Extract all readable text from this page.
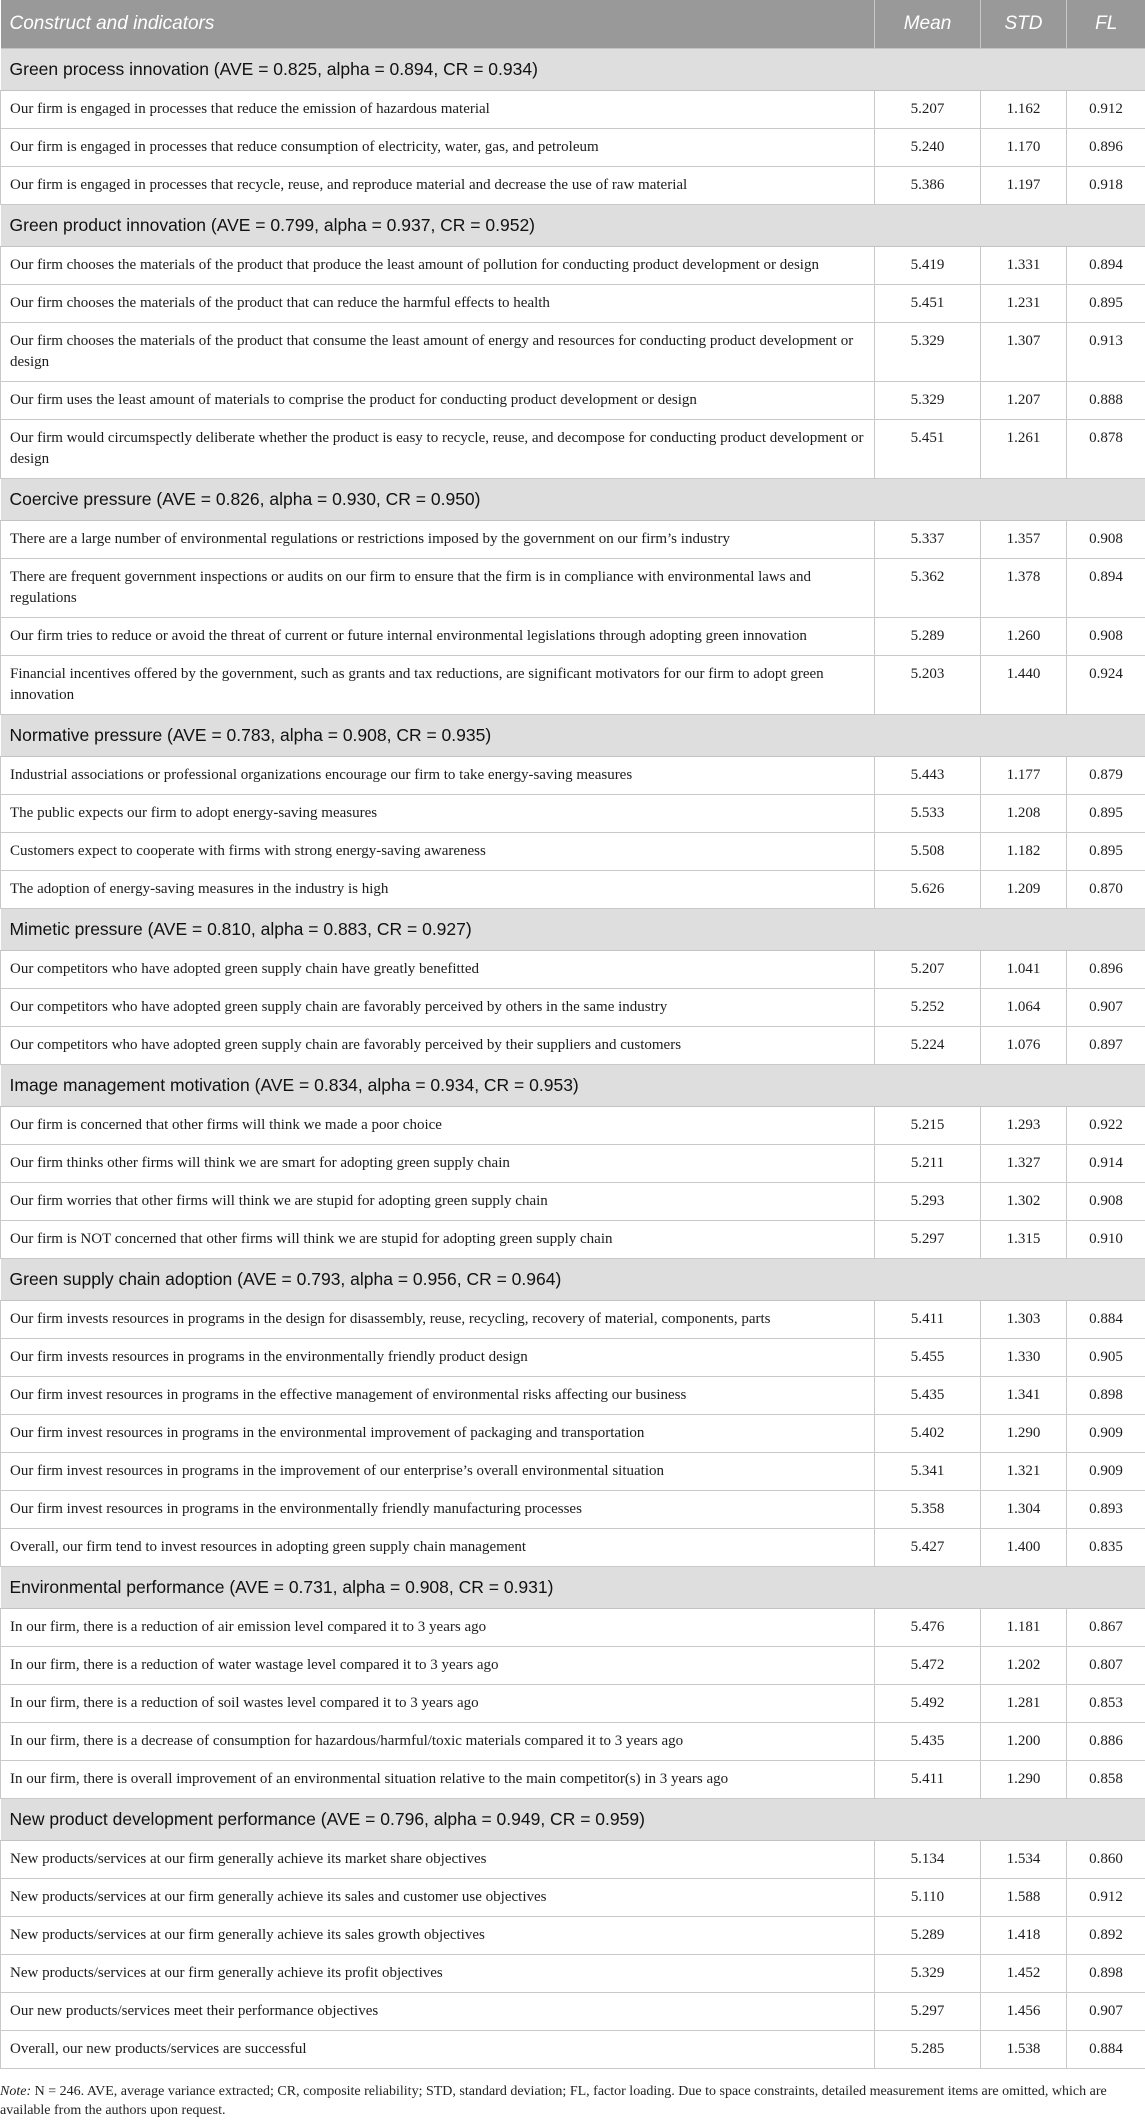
Construct and indicators	Mean	STD	FL
Green process innovation (AVE = 0.825, alpha = 0.894, CR = 0.934)			
Our firm is engaged in processes that reduce the emission of hazardous material	5.207	1.162	0.912
Our firm is engaged in processes that reduce consumption of electricity, water, gas, and petroleum	5.240	1.170	0.896
Our firm is engaged in processes that recycle, reuse, and reproduce material and decrease the use of raw material	5.386	1.197	0.918
Green product innovation (AVE = 0.799, alpha = 0.937, CR = 0.952)			
Our firm chooses the materials of the product that produce the least amount of pollution for conducting product development or design	5.419	1.331	0.894
Our firm chooses the materials of the product that can reduce the harmful effects to health	5.451	1.231	0.895
Our firm chooses the materials of the product that consume the least amount of energy and resources for conducting product development or design	5.329	1.307	0.913
Our firm uses the least amount of materials to comprise the product for conducting product development or design	5.329	1.207	0.888
Our firm would circumspectly deliberate whether the product is easy to recycle, reuse, and decompose for conducting product development or design	5.451	1.261	0.878
Coercive pressure (AVE = 0.826, alpha = 0.930, CR = 0.950)			
There are a large number of environmental regulations or restrictions imposed by the government on our firm’s industry	5.337	1.357	0.908
There are frequent government inspections or audits on our firm to ensure that the firm is in compliance with environmental laws and regulations	5.362	1.378	0.894
Our firm tries to reduce or avoid the threat of current or future internal environmental legislations through adopting green innovation	5.289	1.260	0.908
Financial incentives offered by the government, such as grants and tax reductions, are significant motivators for our firm to adopt green innovation	5.203	1.440	0.924
Normative pressure (AVE = 0.783, alpha = 0.908, CR = 0.935)			
Industrial associations or professional organizations encourage our firm to take energy-saving measures	5.443	1.177	0.879
The public expects our firm to adopt energy-saving measures	5.533	1.208	0.895
Customers expect to cooperate with firms with strong energy-saving awareness	5.508	1.182	0.895
The adoption of energy-saving measures in the industry is high	5.626	1.209	0.870
Mimetic pressure (AVE = 0.810, alpha = 0.883, CR = 0.927)			
Our competitors who have adopted green supply chain have greatly benefitted	5.207	1.041	0.896
Our competitors who have adopted green supply chain are favorably perceived by others in the same industry	5.252	1.064	0.907
Our competitors who have adopted green supply chain are favorably perceived by their suppliers and customers	5.224	1.076	0.897
Image management motivation (AVE = 0.834, alpha = 0.934, CR = 0.953)			
Our firm is concerned that other firms will think we made a poor choice	5.215	1.293	0.922
Our firm thinks other firms will think we are smart for adopting green supply chain	5.211	1.327	0.914
Our firm worries that other firms will think we are stupid for adopting green supply chain	5.293	1.302	0.908
Our firm is NOT concerned that other firms will think we are stupid for adopting green supply chain	5.297	1.315	0.910
Green supply chain adoption (AVE = 0.793, alpha = 0.956, CR = 0.964)			
Our firm invests resources in programs in the design for disassembly, reuse, recycling, recovery of material, components, parts	5.411	1.303	0.884
Our firm invests resources in programs in the environmentally friendly product design	5.455	1.330	0.905
Our firm invest resources in programs in the effective management of environmental risks affecting our business	5.435	1.341	0.898
Our firm invest resources in programs in the environmental improvement of packaging and transportation	5.402	1.290	0.909
Our firm invest resources in programs in the improvement of our enterprise’s overall environmental situation	5.341	1.321	0.909
Our firm invest resources in programs in the environmentally friendly manufacturing processes	5.358	1.304	0.893
Overall, our firm tend to invest resources in adopting green supply chain management	5.427	1.400	0.835
Environmental performance (AVE = 0.731, alpha = 0.908, CR = 0.931)			
In our firm, there is a reduction of air emission level compared it to 3 years ago	5.476	1.181	0.867
In our firm, there is a reduction of water wastage level compared it to 3 years ago	5.472	1.202	0.807
In our firm, there is a reduction of soil wastes level compared it to 3 years ago	5.492	1.281	0.853
In our firm, there is a decrease of consumption for hazardous/harmful/toxic materials compared it to 3 years ago	5.435	1.200	0.886
In our firm, there is overall improvement of an environmental situation relative to the main competitor(s) in 3 years ago	5.411	1.290	0.858
New product development performance (AVE = 0.796, alpha = 0.949, CR = 0.959)			
New products/services at our firm generally achieve its market share objectives	5.134	1.534	0.860
New products/services at our firm generally achieve its sales and customer use objectives	5.110	1.588	0.912
New products/services at our firm generally achieve its sales growth objectives	5.289	1.418	0.892
New products/services at our firm generally achieve its profit objectives	5.329	1.452	0.898
Our new products/services meet their performance objectives	5.297	1.456	0.907
Overall, our new products/services are successful	5.285	1.538	0.884
Note: N = 246. AVE, average variance extracted; CR, composite reliability; STD, standard deviation; FL, factor loading. Due to space constraints, detailed measurement items are omitted, which are available from the authors upon request.
